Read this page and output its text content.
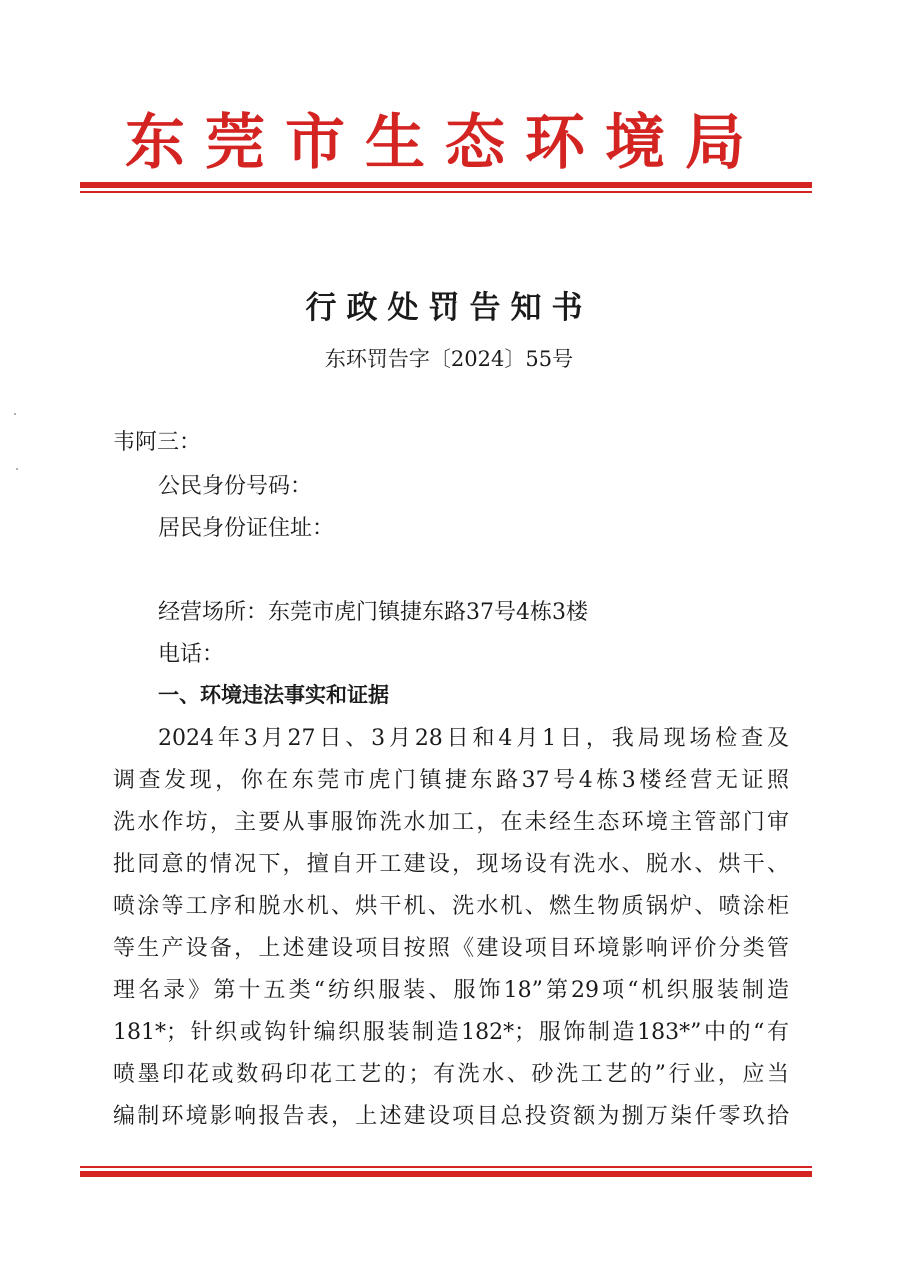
东莞市生态环境局
行政处罚告知书
东环罚告字〔2024〕55号
韦阿三：
公民身份号码：
居民身份证住址：
经营场所：东莞市虎门镇捷东路37号4栋3楼
电话：
一、环境违法事实和证据
2024年3月27日、3月28日和4月1日，我局现场检查及
调查发现，你在东莞市虎门镇捷东路37号4栋3楼经营无证照
洗水作坊，主要从事服饰洗水加工，在未经生态环境主管部门审
批同意的情况下，擅自开工建设，现场设有洗水、脱水、烘干、
喷涂等工序和脱水机、烘干机、洗水机、燃生物质锅炉、喷涂柜
等生产设备，上述建设项目按照《建设项目环境影响评价分类管
理名录》第十五类“纺织服装、服饰18”第29项“机织服装制造
181*；针织或钩针编织服装制造182*；服饰制造183*”中的“有
喷墨印花或数码印花工艺的；有洗水、砂洗工艺的”行业，应当
编制环境影响报告表，上述建设项目总投资额为捌万柒仟零玖拾
